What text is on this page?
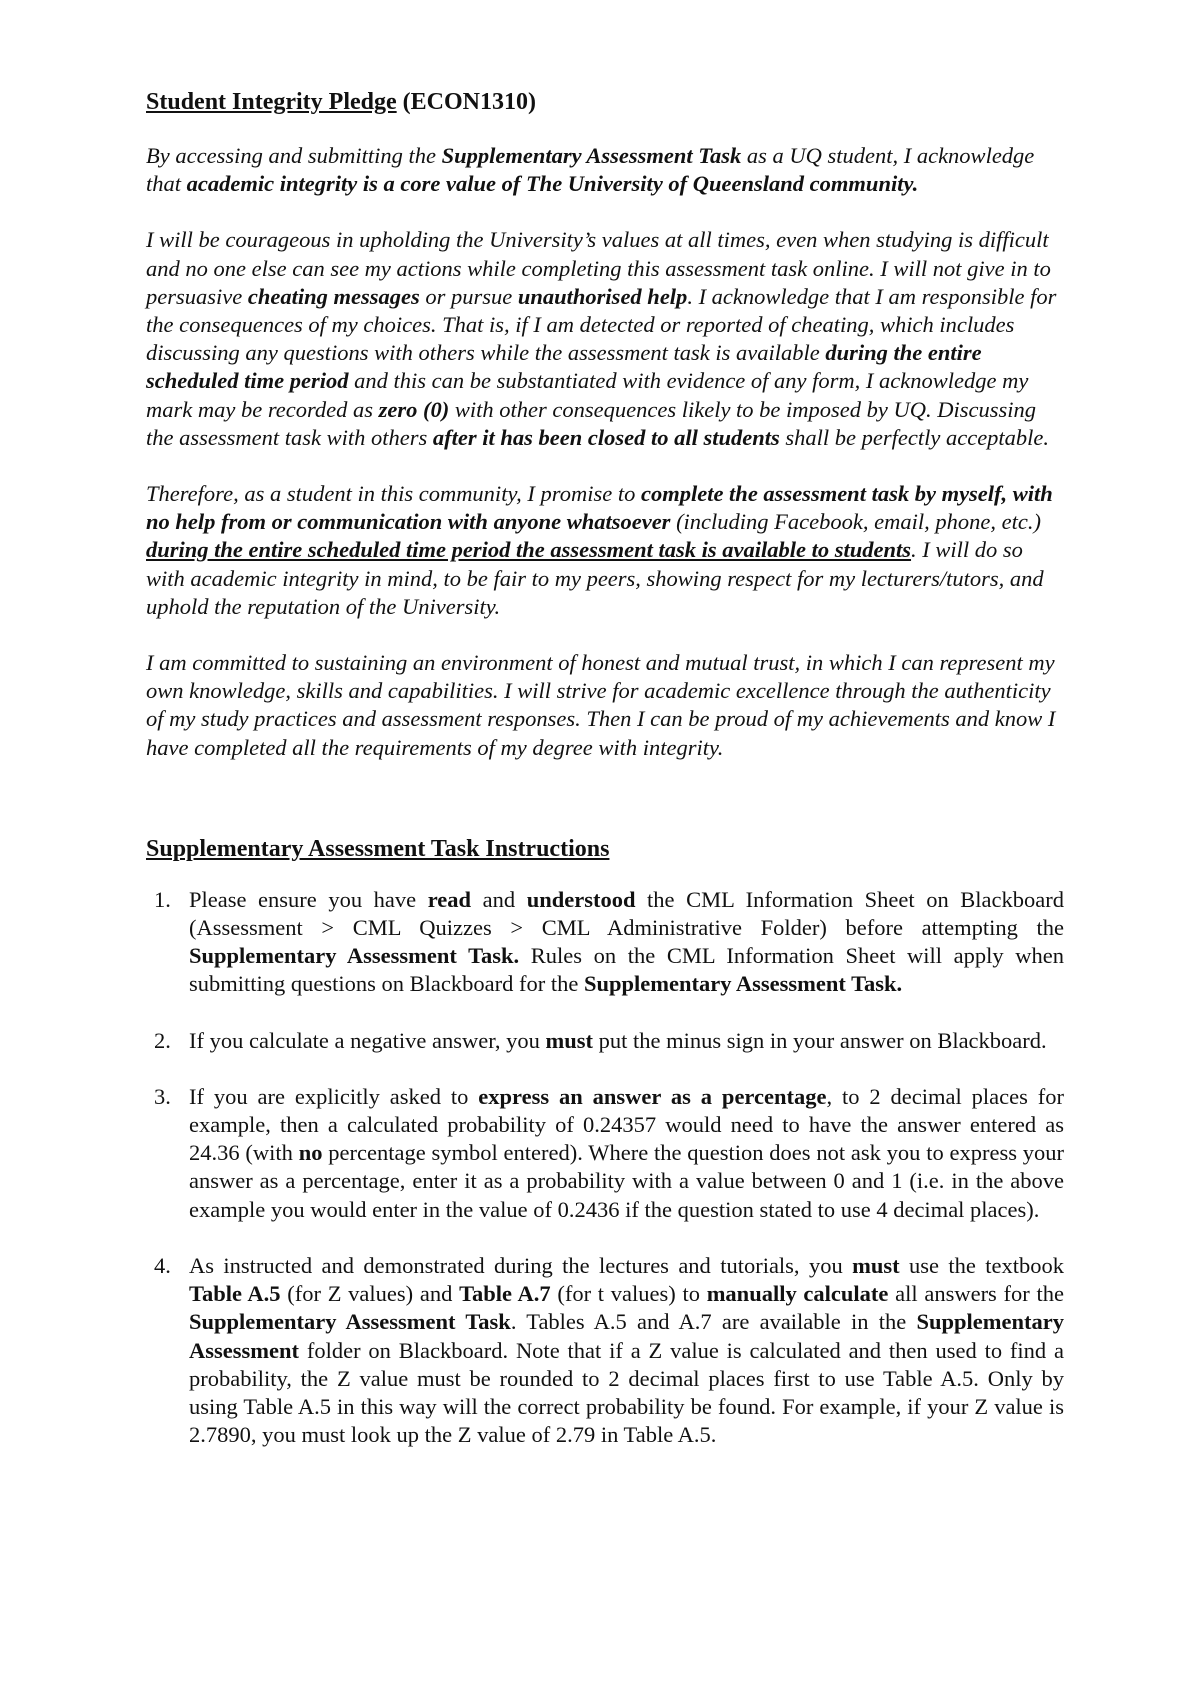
Student Integrity Pledge (ECON1310)

By accessing and submitting the Supplementary Assessment Task as a UQ student, I acknowledge that academic integrity is a core value of The University of Queensland community.

I will be courageous in upholding the University’s values at all times, even when studying is difficult and no one else can see my actions while completing this assessment task online. I will not give in to persuasive cheating messages or pursue unauthorised help. I acknowledge that I am responsible for the consequences of my choices. That is, if I am detected or reported of cheating, which includes discussing any questions with others while the assessment task is available during the entire scheduled time period and this can be substantiated with evidence of any form, I acknowledge my mark may be recorded as zero (0) with other consequences likely to be imposed by UQ. Discussing the assessment task with others after it has been closed to all students shall be perfectly acceptable.

Therefore, as a student in this community, I promise to complete the assessment task by myself, with no help from or communication with anyone whatsoever (including Facebook, email, phone, etc.) during the entire scheduled time period the assessment task is available to students. I will do so with academic integrity in mind, to be fair to my peers, showing respect for my lecturers/tutors, and uphold the reputation of the University.

I am committed to sustaining an environment of honest and mutual trust, in which I can represent my own knowledge, skills and capabilities. I will strive for academic excellence through the authenticity of my study practices and assessment responses. Then I can be proud of my achievements and know I have completed all the requirements of my degree with integrity.

Supplementary Assessment Task Instructions
1. Please ensure you have read and understood the CML Information Sheet on Blackboard (Assessment > CML Quizzes > CML Administrative Folder) before attempting the Supplementary Assessment Task. Rules on the CML Information Sheet will apply when submitting questions on Blackboard for the Supplementary Assessment Task.
2. If you calculate a negative answer, you must put the minus sign in your answer on Blackboard.
3. If you are explicitly asked to express an answer as a percentage, to 2 decimal places for example, then a calculated probability of 0.24357 would need to have the answer entered as 24.36 (with no percentage symbol entered). Where the question does not ask you to express your answer as a percentage, enter it as a probability with a value between 0 and 1 (i.e. in the above example you would enter in the value of 0.2436 if the question stated to use 4 decimal places).
4. As instructed and demonstrated during the lectures and tutorials, you must use the textbook Table A.5 (for Z values) and Table A.7 (for t values) to manually calculate all answers for the Supplementary Assessment Task. Tables A.5 and A.7 are available in the Supplementary Assessment folder on Blackboard. Note that if a Z value is calculated and then used to find a probability, the Z value must be rounded to 2 decimal places first to use Table A.5. Only by using Table A.5 in this way will the correct probability be found. For example, if your Z value is 2.7890, you must look up the Z value of 2.79 in Table A.5.
